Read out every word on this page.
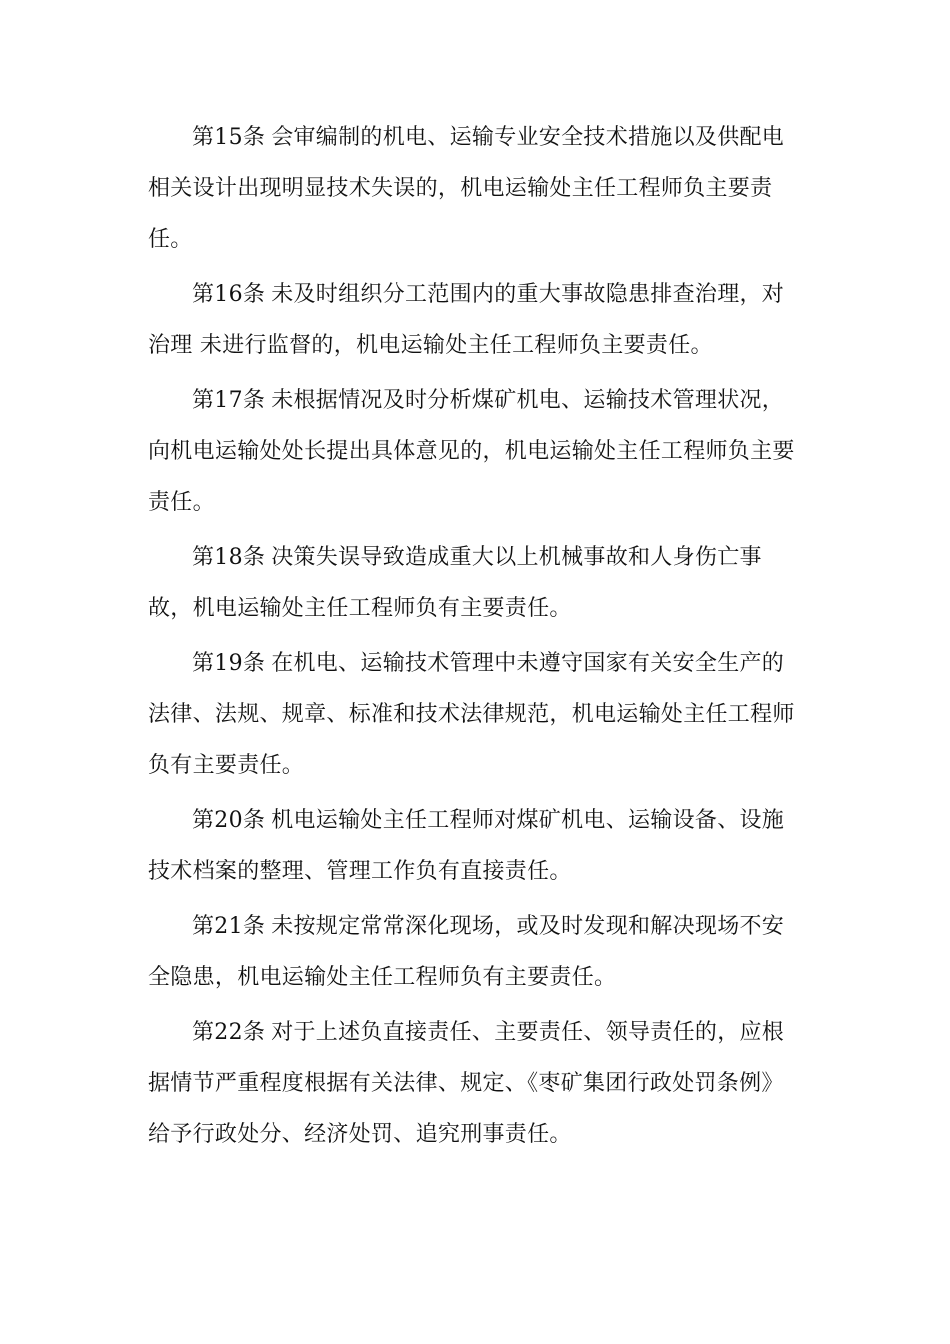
第15条 会审编制的机电、运输专业安全技术措施以及供配电相关设计出现明显技术失误的，机电运输处主任工程师负主要责任。

第16条 未及时组织分工范围内的重大事故隐患排查治理，对治理 未进行监督的，机电运输处主任工程师负主要责任。

第17条 未根据情况及时分析煤矿机电、运输技术管理状况，向机电运输处处长提出具体意见的，机电运输处主任工程师负主要责任。

第18条 决策失误导致造成重大以上机械事故和人身伤亡事故，机电运输处主任工程师负有主要责任。

第19条 在机电、运输技术管理中未遵守国家有关安全生产的法律、法规、规章、标准和技术法律规范，机电运输处主任工程师负有主要责任。

第20条 机电运输处主任工程师对煤矿机电、运输设备、设施技术档案的整理、管理工作负有直接责任。

第21条 未按规定常常深化现场，或及时发现和解决现场不安全隐患，机电运输处主任工程师负有主要责任。

第22条 对于上述负直接责任、主要责任、领导责任的，应根据情节严重程度根据有关法律、规定、《枣矿集团行政处罚条例》给予行政处分、经济处罚、追究刑事责任。
